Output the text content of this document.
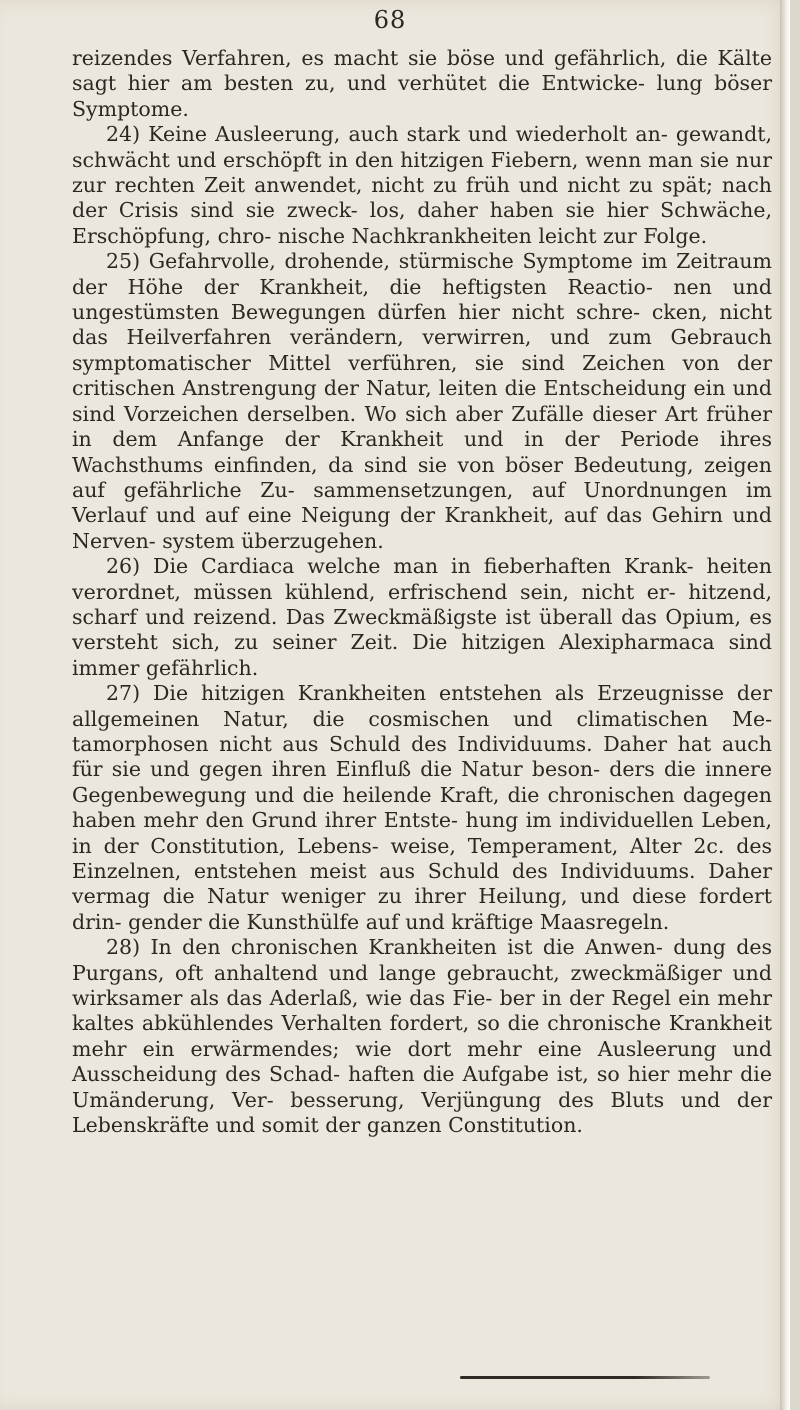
68

reizendes Verfahren, es macht sie böse und gefährlich, die Kälte sagt hier am besten zu, und verhütet die Entwicke- lung böser Symptome.

24) Keine Ausleerung, auch stark und wiederholt an- gewandt, schwächt und erschöpft in den hitzigen Fiebern, wenn man sie nur zur rechten Zeit anwendet, nicht zu früh und nicht zu spät; nach der Crisis sind sie zweck- los, daher haben sie hier Schwäche, Erschöpfung, chro- nische Nachkrankheiten leicht zur Folge.

25) Gefahrvolle, drohende, stürmische Symptome im Zeitraum der Höhe der Krankheit, die heftigsten Reactio- nen und ungestümsten Bewegungen dürfen hier nicht schre- cken, nicht das Heilverfahren verändern, verwirren, und zum Gebrauch symptomatischer Mittel verführen, sie sind Zeichen von der critischen Anstrengung der Natur, leiten die Entscheidung ein und sind Vorzeichen derselben. Wo sich aber Zufälle dieser Art früher in dem Anfange der Krankheit und in der Periode ihres Wachsthums einfinden, da sind sie von böser Bedeutung, zeigen auf gefährliche Zu- sammensetzungen, auf Unordnungen im Verlauf und auf eine Neigung der Krankheit, auf das Gehirn und Nerven- system überzugehen.

26) Die Cardiaca welche man in fieberhaften Krank- heiten verordnet, müssen kühlend, erfrischend sein, nicht er- hitzend, scharf und reizend. Das Zweckmäßigste ist überall das Opium, es versteht sich, zu seiner Zeit. Die hitzigen Alexipharmaca sind immer gefährlich.

27) Die hitzigen Krankheiten entstehen als Erzeugnisse der allgemeinen Natur, die cosmischen und climatischen Me- tamorphosen nicht aus Schuld des Individuums. Daher hat auch für sie und gegen ihren Einfluß die Natur beson- ders die innere Gegenbewegung und die heilende Kraft, die chronischen dagegen haben mehr den Grund ihrer Entste- hung im individuellen Leben, in der Constitution, Lebens- weise, Temperament, Alter 2c. des Einzelnen, entstehen meist aus Schuld des Individuums. Daher vermag die Natur weniger zu ihrer Heilung, und diese fordert drin- gender die Kunsthülfe auf und kräftige Maasregeln.

28) In den chronischen Krankheiten ist die Anwen- dung des Purgans, oft anhaltend und lange gebraucht, zweckmäßiger und wirksamer als das Aderlaß, wie das Fie- ber in der Regel ein mehr kaltes abkühlendes Verhalten fordert, so die chronische Krankheit mehr ein erwärmendes; wie dort mehr eine Ausleerung und Ausscheidung des Schad- haften die Aufgabe ist, so hier mehr die Umänderung, Ver- besserung, Verjüngung des Bluts und der Lebenskräfte und somit der ganzen Constitution.
